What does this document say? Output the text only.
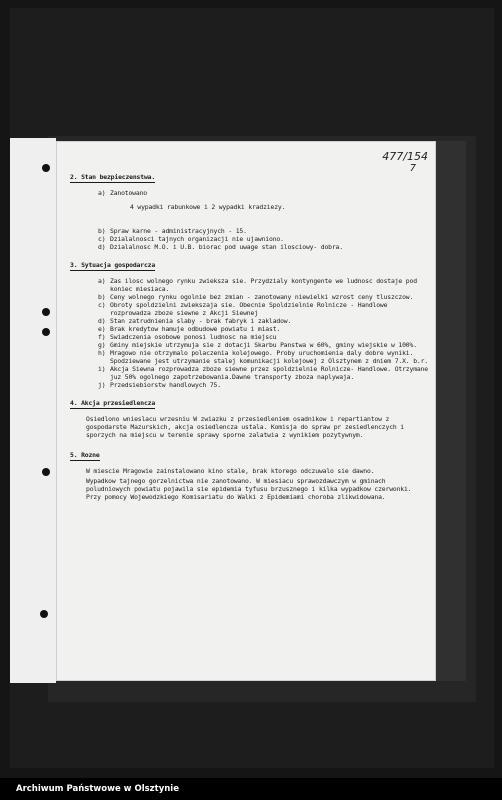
477/154
7
2. Stan bezpieczenstwa.
a) Zanotowano
4 wypadki rabunkowe i 2 wypadki kradziezy.
b) Spraw karne - administracyjnych - 15.
c) Dzialalnosci tajnych organizacji nie ujawniono.
d) Dzialalnosc M.O. i U.B. biorac pod uwage stan ilosciowy- dobra.
3. Sytuacja gospodarcza
a) Zas ilosc wolnego rynku zwieksza sie. Przydzialy kontyngente we ludnosc dostaje pod koniec miesiaca.
b) Ceny wolnego rynku ogolnie bez zmian - zanotowany niewielki wzrost ceny tluszczow.
c) Obroty spoldzielni zwiekszaja sie. Obecnie Spoldzielnie Rolnicze - Handlowe rozprowadza zboze siewne z Akcji Siewnej
d) Stan zatrudnienia slaby - brak fabryk i zakladow.
e) Brak kredytow hamuje odbudowe powiatu i miast.
f) Swiadczenia osobowe ponosi ludnosc na miejscu
g) Gminy miejskie utrzymuja sie z dotacji Skarbu Panstwa w 60%, gminy wiejskie w 100%.
h) Mragowo nie otrzymalo polaczenia kolejowego. Proby uruchomienia daly dobre wyniki. Spodziewane jest utrzymanie stalej komunikacji kolejowej z Olsztynem z dniem 7.X. b.r.
i) Akcja Siewna rozprowadza zboze siewne przez spoldzielnie Rolnicze- Handlowe. Otrzymane juz 50% ogolnego zapotrzebowania.Dawne transporty zboza naplywaja.
j) Przedsiebiorstw handlowych 75.
4. Akcja przesiedlencza
Osiedlono wnieslacu wrzesniu W zwiazku z przesiedleniem osadnikow i repartiantow z gospodarste Mazurskich, akcja osiedlencza ustala. Komisja do spraw pr zesiedlenczych i sporzych na miejscu w terenie sprawy sporne zalatwia z wynikiem pozytywnym.
5. Rozne
W miescie Mragowie zainstalowano kino stale, brak ktorego odczuwalo sie dawno.
Wypadkow tajnego gorzelnictwa nie zanotowano. W miesiacu sprawozdawczym w gminach poludniowych powiatu pojawila sie epidemia tyfusu brzusznego i kilka wypadkow czerwonki. Przy pomocy Wojewodzkiego Komisariatu do Walki z Epidemiami choroba zlikwidowana.
Archiwum Państwowe w Olsztynie
